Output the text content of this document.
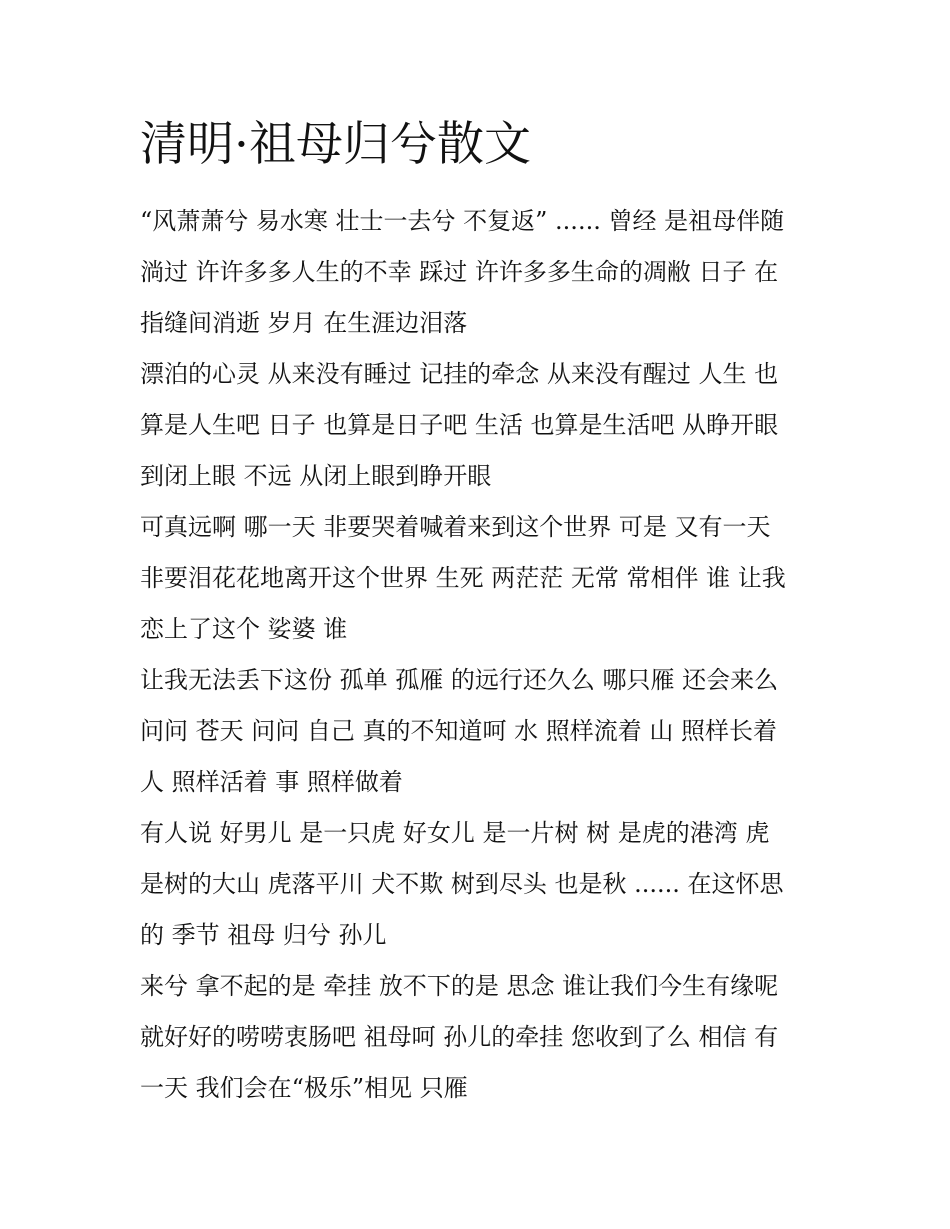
清明·祖母归兮散文

“风萧萧兮 易水寒 壮士一去兮 不复返” ...... 曾经 是祖母伴随

淌过 许许多多人生的不幸 踩过 许许多多生命的凋敝 日子 在

指缝间消逝 岁月 在生涯边泪落

漂泊的心灵 从来没有睡过 记挂的牵念 从来没有醒过 人生 也

算是人生吧 日子 也算是日子吧 生活 也算是生活吧 从睁开眼

到闭上眼 不远 从闭上眼到睁开眼

可真远啊 哪一天 非要哭着喊着来到这个世界 可是 又有一天

非要泪花花地离开这个世界 生死 两茫茫 无常 常相伴 谁 让我

恋上了这个 娑婆 谁

让我无法丢下这份 孤单 孤雁 的远行还久么 哪只雁 还会来么

问问 苍天 问问 自己 真的不知道呵 水 照样流着 山 照样长着

人 照样活着 事 照样做着

有人说 好男儿 是一只虎 好女儿 是一片树 树 是虎的港湾 虎

是树的大山 虎落平川 犬不欺 树到尽头 也是秋 ...... 在这怀思

的 季节 祖母 归兮 孙儿

来兮 拿不起的是 牵挂 放不下的是 思念 谁让我们今生有缘呢

就好好的唠唠衷肠吧 祖母呵 孙儿的牵挂 您收到了么 相信 有

一天 我们会在“极乐”相见 只雁
